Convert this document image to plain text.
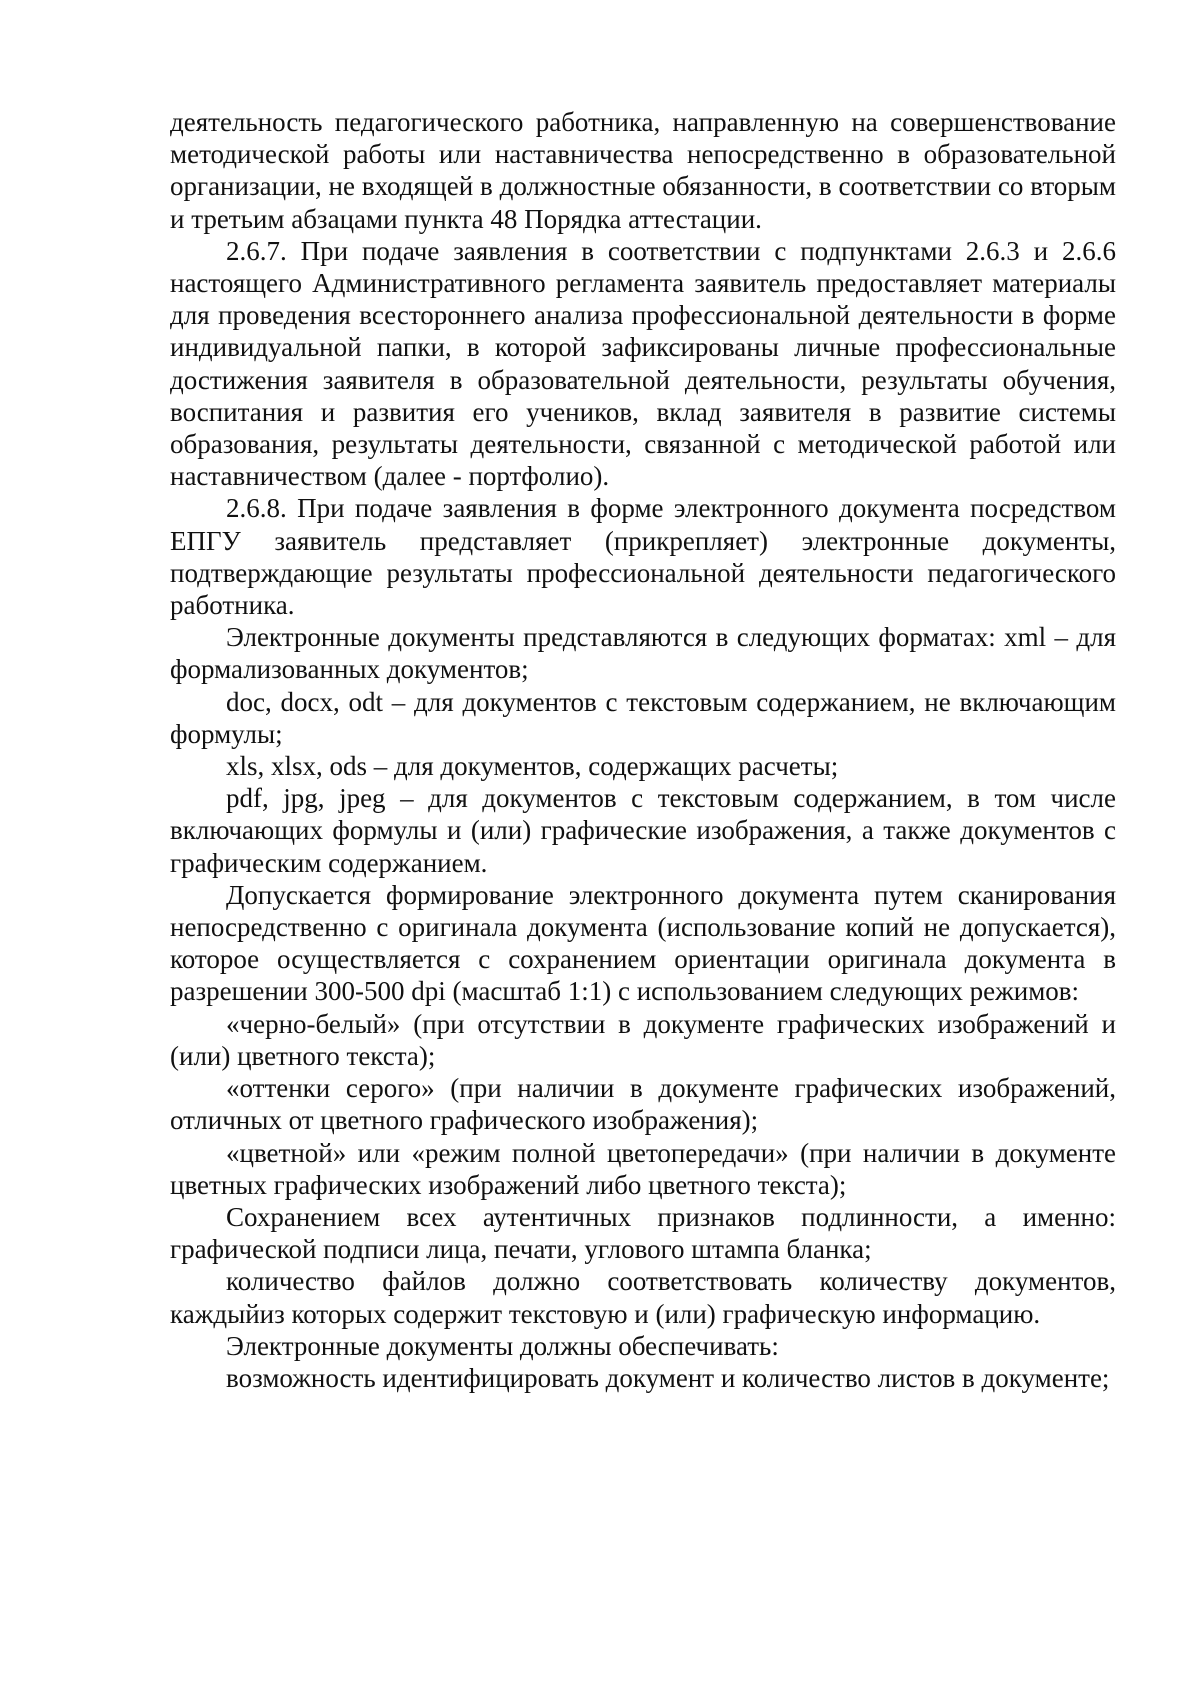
деятельность педагогического работника, направленную на совершенствование методической работы или наставничества непосредственно в образовательной организации, не входящей в должностные обязанности, в соответствии со вторым и третьим абзацами пункта 48 Порядка аттестации.

2.6.7. При подаче заявления в соответствии с подпунктами 2.6.3 и 2.6.6 настоящего Административного регламента заявитель предоставляет материалы для проведения всестороннего анализа профессиональной деятельности в форме индивидуальной папки, в которой зафиксированы личные профессиональные достижения заявителя в образовательной деятельности, результаты обучения, воспитания и развития его учеников, вклад заявителя в развитие системы образования, результаты деятельности, связанной с методической работой или наставничеством (далее - портфолио).

2.6.8. При подаче заявления в форме электронного документа посредством ЕПГУ заявитель представляет (прикрепляет) электронные документы, подтверждающие результаты профессиональной деятельности педагогического работника.

Электронные документы представляются в следующих форматах: xml – для формализованных документов;

doc, docx, odt – для документов с текстовым содержанием, не включающим формулы;

xls, xlsx, ods – для документов, содержащих расчеты;

pdf, jpg, jpeg – для документов с текстовым содержанием, в том числе включающих формулы и (или) графические изображения, а также документов с графическим содержанием.

Допускается формирование электронного документа путем сканирования непосредственно с оригинала документа (использование копий не допускается), которое осуществляется с сохранением ориентации оригинала документа в разрешении 300-500 dpi (масштаб 1:1) с использованием следующих режимов:

«черно-белый» (при отсутствии в документе графических изображений и (или) цветного текста);

«оттенки серого» (при наличии в документе графических изображений, отличных от цветного графического изображения);

«цветной» или «режим полной цветопередачи» (при наличии в документе цветных графических изображений либо цветного текста);

Сохранением всех аутентичных признаков подлинности, а именно: графической подписи лица, печати, углового штампа бланка;

количество файлов должно соответствовать количеству документов, каждыйиз которых содержит текстовую и (или) графическую информацию.

Электронные документы должны обеспечивать:

возможность идентифицировать документ и количество листов в документе;
